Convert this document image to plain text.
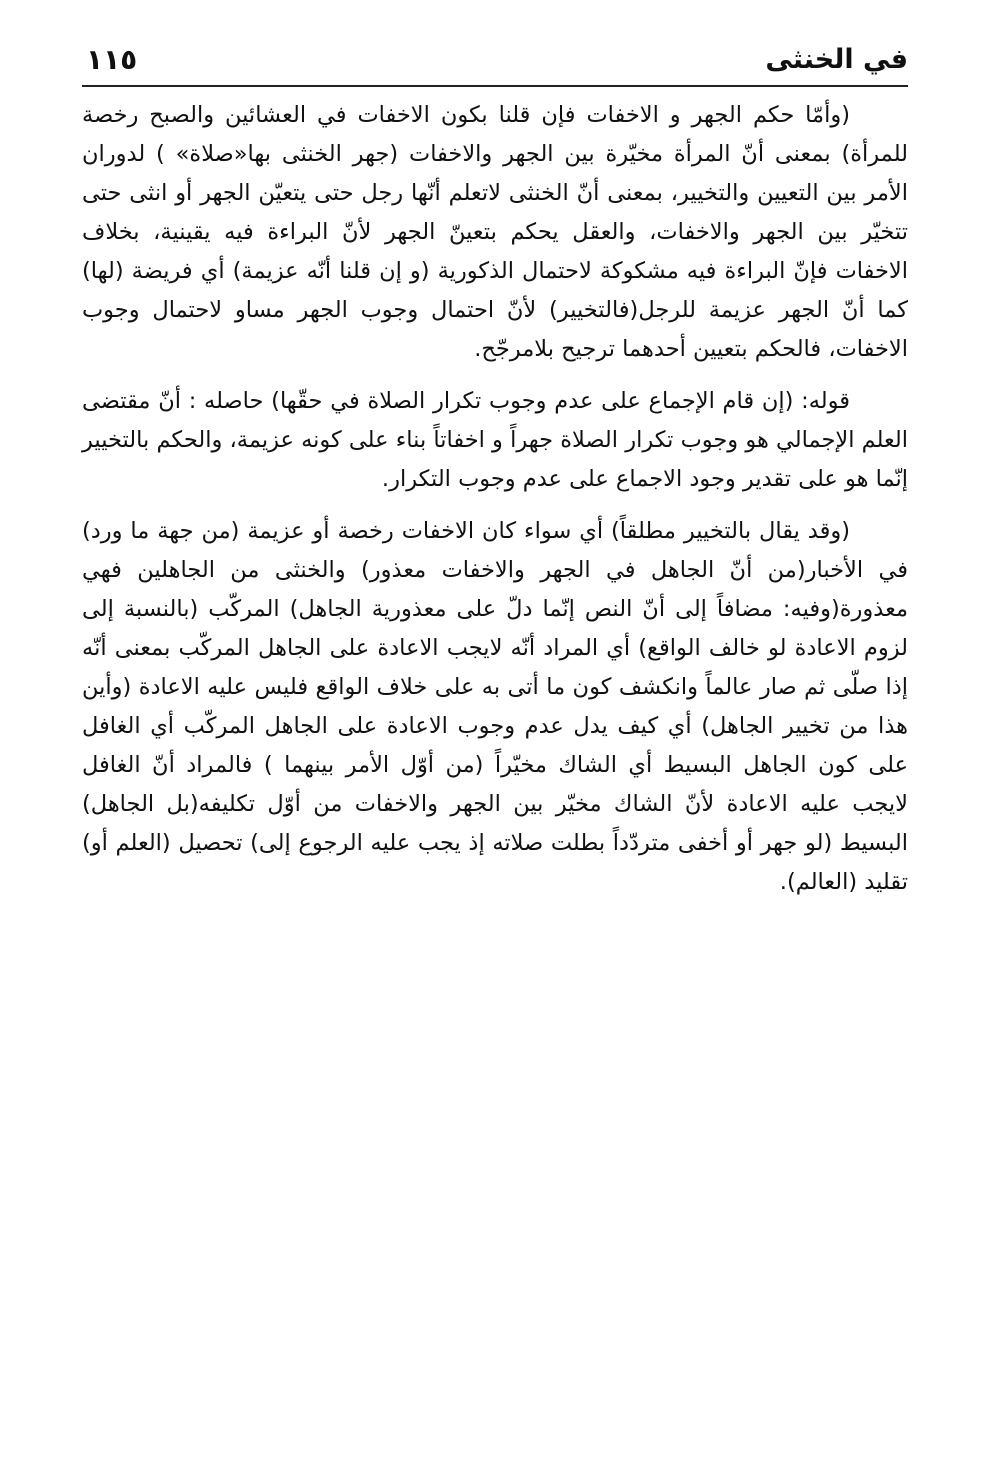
في الخنثى
١١٥

(وأمّا حكم الجهر و الاخفات فإن قلنا بكون الاخفات في العشائين والصبح رخصة للمرأة) بمعنى أنّ المرأة مخيّرة بين الجهر والاخفات (جهر الخنثى بها«صلاة» ) لدوران الأمر بين التعيين والتخيير، بمعنى أنّ الخنثى لاتعلم أنّها رجل حتى يتعيّن الجهر أو انثى حتى تتخيّر بين الجهر والاخفات، والعقل يحكم بتعينّ الجهر لأنّ البراءة فيه يقينية، بخلاف الاخفات فإنّ البراءة فيه مشكوكة لاحتمال الذكورية (و إن قلنا أنّه عزيمة) أي فريضة (لها) كما أنّ الجهر عزيمة للرجل(فالتخيير) لأنّ احتمال وجوب الجهر مساو لاحتمال وجوب الاخفات، فالحكم بتعيين أحدهما ترجيح بلامرجّح.

قوله: (إن قام الإجماع على عدم وجوب تكرار الصلاة في حقّها) حاصله : أنّ مقتضى العلم الإجمالي هو وجوب تكرار الصلاة جهراً و اخفاتاً بناء على كونه عزيمة، والحكم بالتخيير إنّما هو على تقدير وجود الاجماع على عدم وجوب التكرار.

(وقد يقال بالتخيير مطلقاً) أي سواء كان الاخفات رخصة أو عزيمة (من جهة ما ورد) في الأخبار(من أنّ الجاهل في الجهر والاخفات معذور) والخنثى من الجاهلين فهي معذورة(وفيه: مضافاً إلى أنّ النص إنّما دلّ على معذورية الجاهل) المركّب (بالنسبة إلى لزوم الاعادة لو خالف الواقع) أي المراد أنّه لايجب الاعادة على الجاهل المركّب بمعنى أنّه إذا صلّى ثم صار عالماً وانكشف كون ما أتى به على خلاف الواقع فليس عليه الاعادة (وأين هذا من تخيير الجاهل) أي كيف يدل عدم وجوب الاعادة على الجاهل المركّب أي الغافل على كون الجاهل البسيط أي الشاك مخيّراً (من أوّل الأمر بينهما ) فالمراد أنّ الغافل لايجب عليه الاعادة لأنّ الشاك مخيّر بين الجهر والاخفات من أوّل تكليفه(بل الجاهل) البسيط (لو جهر أو أخفى متردّداً بطلت صلاته إذ يجب عليه الرجوع إلى) تحصيل (العلم أو) تقليد (العالم).
